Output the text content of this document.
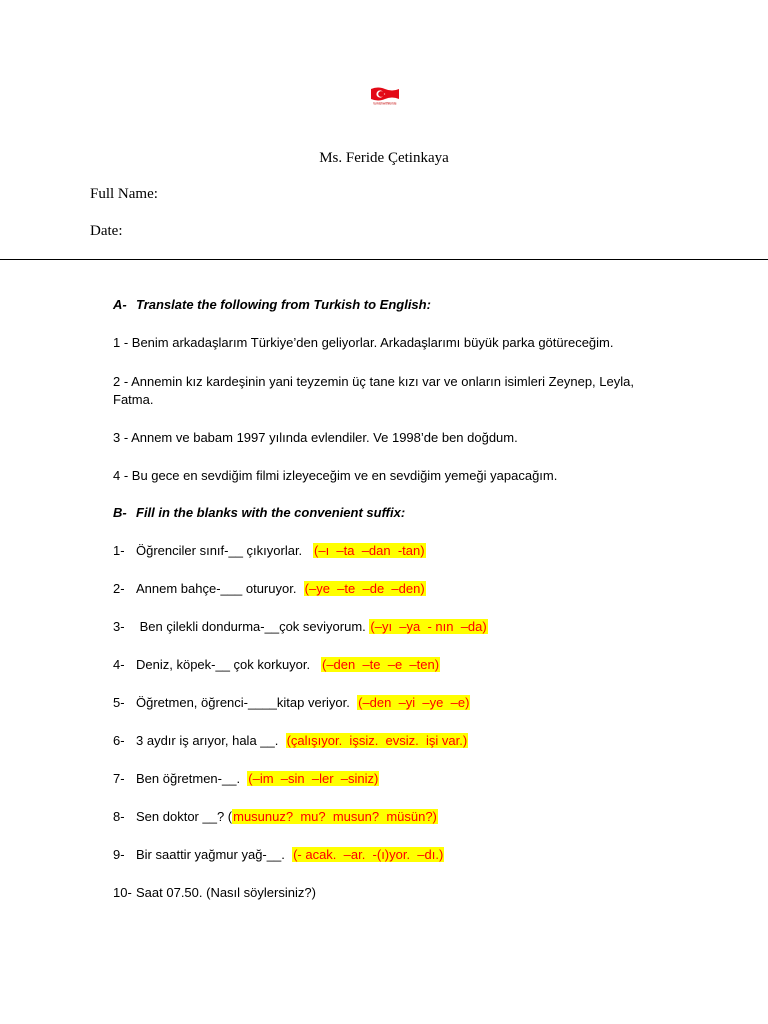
turkishwithferide
Ms. Feride Çetinkaya
Full Name:
Date:
A- Translate the following from Turkish to English:
1 - Benim arkadaşlarım Türkiye’den geliyorlar. Arkadaşlarımı büyük parka götüreceğim.
2 - Annemin kız kardeşinin yani teyzemin üç tane kızı var ve onların isimleri Zeynep, Leyla, Fatma.
3 - Annem ve babam 1997 yılında evlendiler. Ve 1998’de ben doğdum.
4 - Bu gece en sevdiğim filmi izleyeceğim ve en sevdiğim yemeği yapacağım.
B- Fill in the blanks with the convenient suffix:
1- Öğrenciler sınıf-__ çıkıyorlar.   (–ı  –ta  –dan  -tan)
2- Annem bahçe-___ oturuyor.  (–ye  –te  –de  –den)
3- Ben çilekli dondurma-__çok seviyorum. (–yı  –ya  - nın  –da)
4- Deniz, köpek-__ çok korkuyor.   (–den  –te  –e  –ten)
5- Öğretmen, öğrenci-____kitap veriyor.  (–den  –yi  –ye  –e)
6- 3 aydır iş arıyor, hala __.  (çalışıyor.  işsiz.  evsiz.  işi var.)
7- Ben öğretmen-__.  (–im  –sin  –ler  –siniz)
8- Sen doktor __? (musunuz?  mu?  musun?  müsün?)
9- Bir saattir yağmur yağ-__.  (- acak.  –ar.  -(ı)yor.  –dı.)
10- Saat 07.50. (Nasıl söylersiniz?)
